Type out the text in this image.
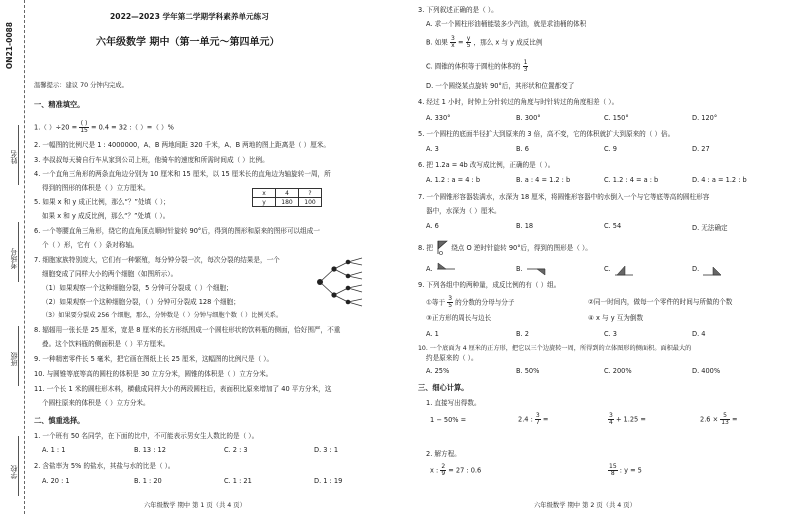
ON21-0088
姓名
考场号
班级
学校
2022—2023 学年第二学期学科素养单元练习
六年级数学 期中（第一单元～第四单元）
温馨提示：建议 70 分钟内完成。
一、精准填空。
1.（ ）$\div 20 = \frac{( )}{15} = 0.4 = 32$ :（ ）=（ ）%
2. 一幅图的比例尺是 1 : 4000000，A、B 两地间距 320 千米，A、B 两地的图上距离是（ ）厘米。
3. 李叔叔每天骑自行车从家到公司上班，他骑车的速度和所需时间成（ ）比例。
4. 一个直角三角形的两条直角边分别为 10 厘米和 15 厘米，以 15 厘米长的直角边为轴旋转一周，所
得到的图形的体积是（ ）立方厘米。
5. 如果 x 和 y 成正比例，那么“？”处填（ ）；
如果 x 和 y 成反比例，那么“？”处填（ ）。
x	4	?
y	180	100
6. 一个等腰直角三角形，绕它的直角顶点顺时针旋转 90°后，得到的图形和原来的图形可以组成一
个（ ）形，它有（ ）条对称轴。
7. 细胞家族特别庞大，它们有一种繁殖，每分钟分裂一次，每次分裂的结果是，一个
细胞变成了同样大小的两个细胞（如图所示）。
（1）如果观察一个这种细胞分裂，5 分钟可分裂成（ ）个细胞；
（2）如果观察一个这种细胞分裂，（ ）分钟可分裂成 128 个细胞；
（3）如果要分裂成 256 个细胞，那么，分钟数是（ ）分钟与细胞个数（ ）比例关系。
8. 辐辐用一张长是 25 厘米，宽是 8 厘米的长方形纸围成一个圆柱形状的饮料瓶的侧面，恰好围严，不重
叠。这个饮料瓶的侧面积是（ ）平方厘米。
9. 一种精密零件长 5 毫米，把它画在图纸上长 25 厘米，这幅图的比例尺是（ ）。
10. 与圆锥等底等高的圆柱的体积是 30 立方分米，圆锥的体积是（ ）立方分米。
11. 一个长 1 米的圆柱形木料，横截成同样大小的两段圆柱后，表面积比原来增加了 40 平方分米，这
个圆柱原来的体积是（ ）立方分米。
二、慎重选择。
1. 一个班有 50 名同学，在下面的比中，不可能表示男女生人数比的是（ ）。
A. 1 : 1	B. 13 : 12	C. 2 : 3	D. 3 : 1
2. 含盐率为 5% 的盐水，其盐与水的比是（ ）。
A. 20 : 1	B. 1 : 20	C. 1 : 21	D. 1 : 19
六年级数学 期中 第 1 页（共 4 页）
3. 下列叙述正确的是（ ）。
A. 求一个圆柱形油桶能装多少汽油，就是求油桶的体积
B. 如果 $\frac{3}{x} = \frac{y}{5}$ ，那么 x 与 y 成反比例
C. 圆锥的体积等于圆柱的体积的 $\frac{1}{3}$
D. 一个圆绕某点旋转 90°后，其形状和位置都变了
4. 经过 1 小时，时钟上分针转过的角度与时针转过的角度相差（ ）。
A. 330°	B. 300°	C. 150°	D. 120°
5. 一个圆柱的底面半径扩大到原来的 3 倍，高不变，它的体积就扩大到原来的（ ）倍。
A. 3	B. 6	C. 9	D. 27
6. 把 1.2a = 4b 改写成比例，正确的是（ ）。
A. 1.2 : a = 4 : b	B. a : 4 = 1.2 : b	C. 1.2 : 4 = a : b	D. 4 : a = 1.2 : b
7. 一个圆锥形容器装满水，水深为 18 厘米，将圆锥形容器中的水倒入一个与它等底等高的圆柱形容
器中，水深为（ ）厘米。
A. 6	B. 18	C. 54	D. 无法确定
8. 把
O
绕点 O 逆时针旋转 90°后，得到的图形是（ ）。
A.	B.	C.	D.
9. 下列各组中的两种量，成反比例的有（ ）组。
①等于 $\frac{3}{5}$ 的分数的分母与分子	②同一时间内，做每一个零件的时间与所做的个数
③正方形的周长与边长	④ x 与 y 互为倒数
A. 1	B. 2	C. 3	D. 4
10. 一个底面为 4 厘米的正方形，把它以三个边旋转一周，所得到的立体图形的侧面积。面积最大的
约是原来的（ ）。
A. 25%	B. 50%	C. 200%	D. 400%
三、细心计算。
1. 直接写出得数。
1 − 50% =	2.4 : $\frac{3}{7}$ =	$\frac{3}{4} + 1.25$ =	$2.6 \times \frac{5}{13}$ =
2. 解方程。
x : $\frac{2}{9} = 27$ : 0.6	$\frac{15}{8}$ : y = 5
六年级数学 期中 第 2 页（共 4 页）
